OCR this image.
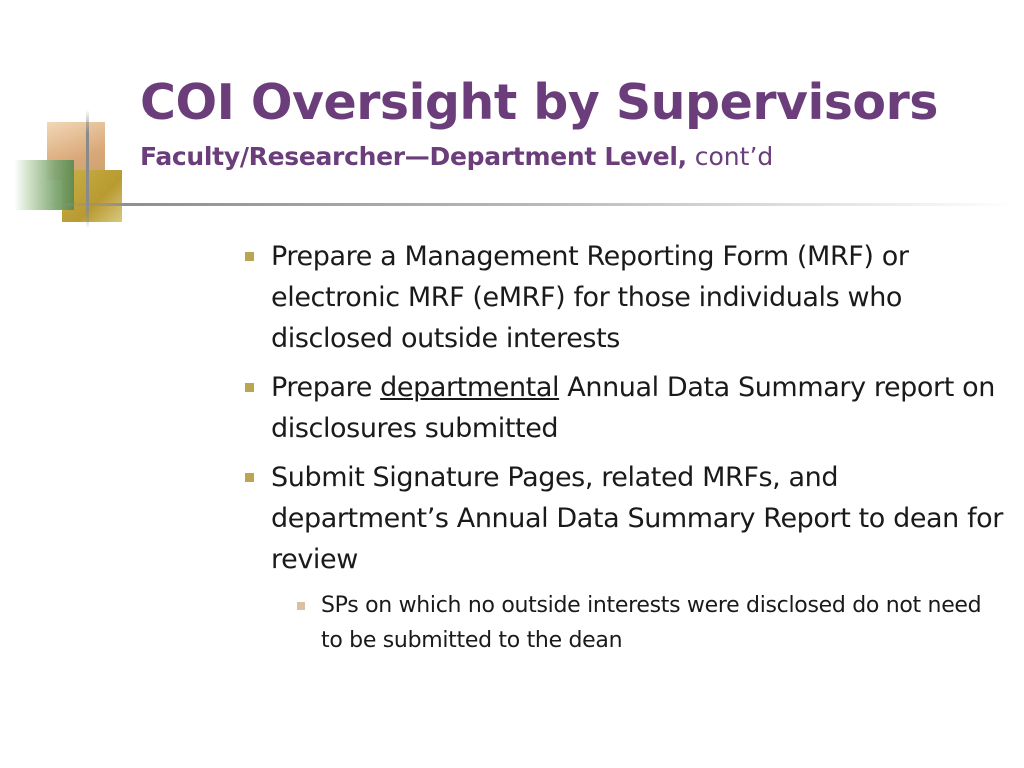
COI Oversight by Supervisors

Faculty/Researcher—Department Level, cont’d

Prepare a Management Reporting Form (MRF) or electronic MRF (eMRF) for those individuals who disclosed outside interests
Prepare departmental Annual Data Summary report on disclosures submitted
Submit Signature Pages, related MRFs, and department’s Annual Data Summary Report to dean for review
SPs on which no outside interests were disclosed do not need to be submitted to the dean
